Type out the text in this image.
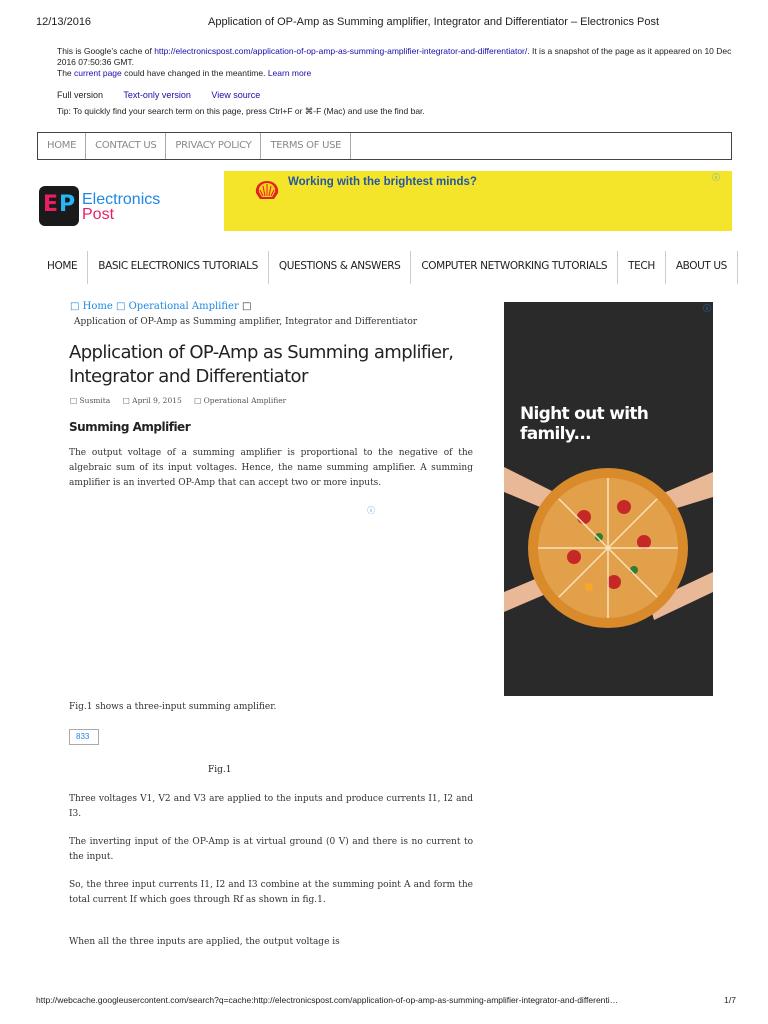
12/13/2016	Application of OP-Amp as Summing amplifier, Integrator and Differentiator – Electronics Post
This is Google’s cache of http://electronicspost.com/application-of-op-amp-as-summing-amplifier-integrator-and-differentiator/. It is a snapshot of the page as it appeared on 10 Dec 2016 07:50:36 GMT.
The current page could have changed in the meantime. Learn more
Full version Text-only version View source
Tip: To quickly find your search term on this page, press Ctrl+F or ⌘-F (Mac) and use the find bar.
HOME	CONTACT US	PRIVACY POLICY	TERMS OF USE
E P Electronics
Post
Working with the brightest minds?	ⓘ
HOME	BASIC ELECTRONICS TUTORIALS	QUESTIONS & ANSWERS	COMPUTER NETWORKING TUTORIALS	TECH	ABOUT US
□ Home □ Operational Amplifier □
Application of OP-Amp as Summing amplifier, Integrator and Differentiator
Application of OP-Amp as Summing amplifier, Integrator and Differentiator
□ Susmita □ April 9, 2015 □ Operational Amplifier
Summing Amplifier
The output voltage of a summing amplifier is proportional to the negative of the algebraic sum of its input voltages. Hence, the name summing amplifier. A summing amplifier is an inverted OP-Amp that can accept two or more inputs.
ⓘ
Fig.1 shows a three-input summing amplifier.
833
Fig.1
Three voltages V1, V2 and V3 are applied to the inputs and produce currents I1, I2 and I3.
The inverting input of the OP-Amp is at virtual ground (0 V) and there is no current to the input.
So, the three input currents I1, I2 and I3 combine at the summing point A and form the total current If which goes through Rf as shown in fig.1.
When all the three inputs are applied, the output voltage is
ⓘ
Night out with family...
http://webcache.googleusercontent.com/search?q=cache:http://electronicspost.com/application-of-op-amp-as-summing-amplifier-integrator-and-differenti…	1/7
